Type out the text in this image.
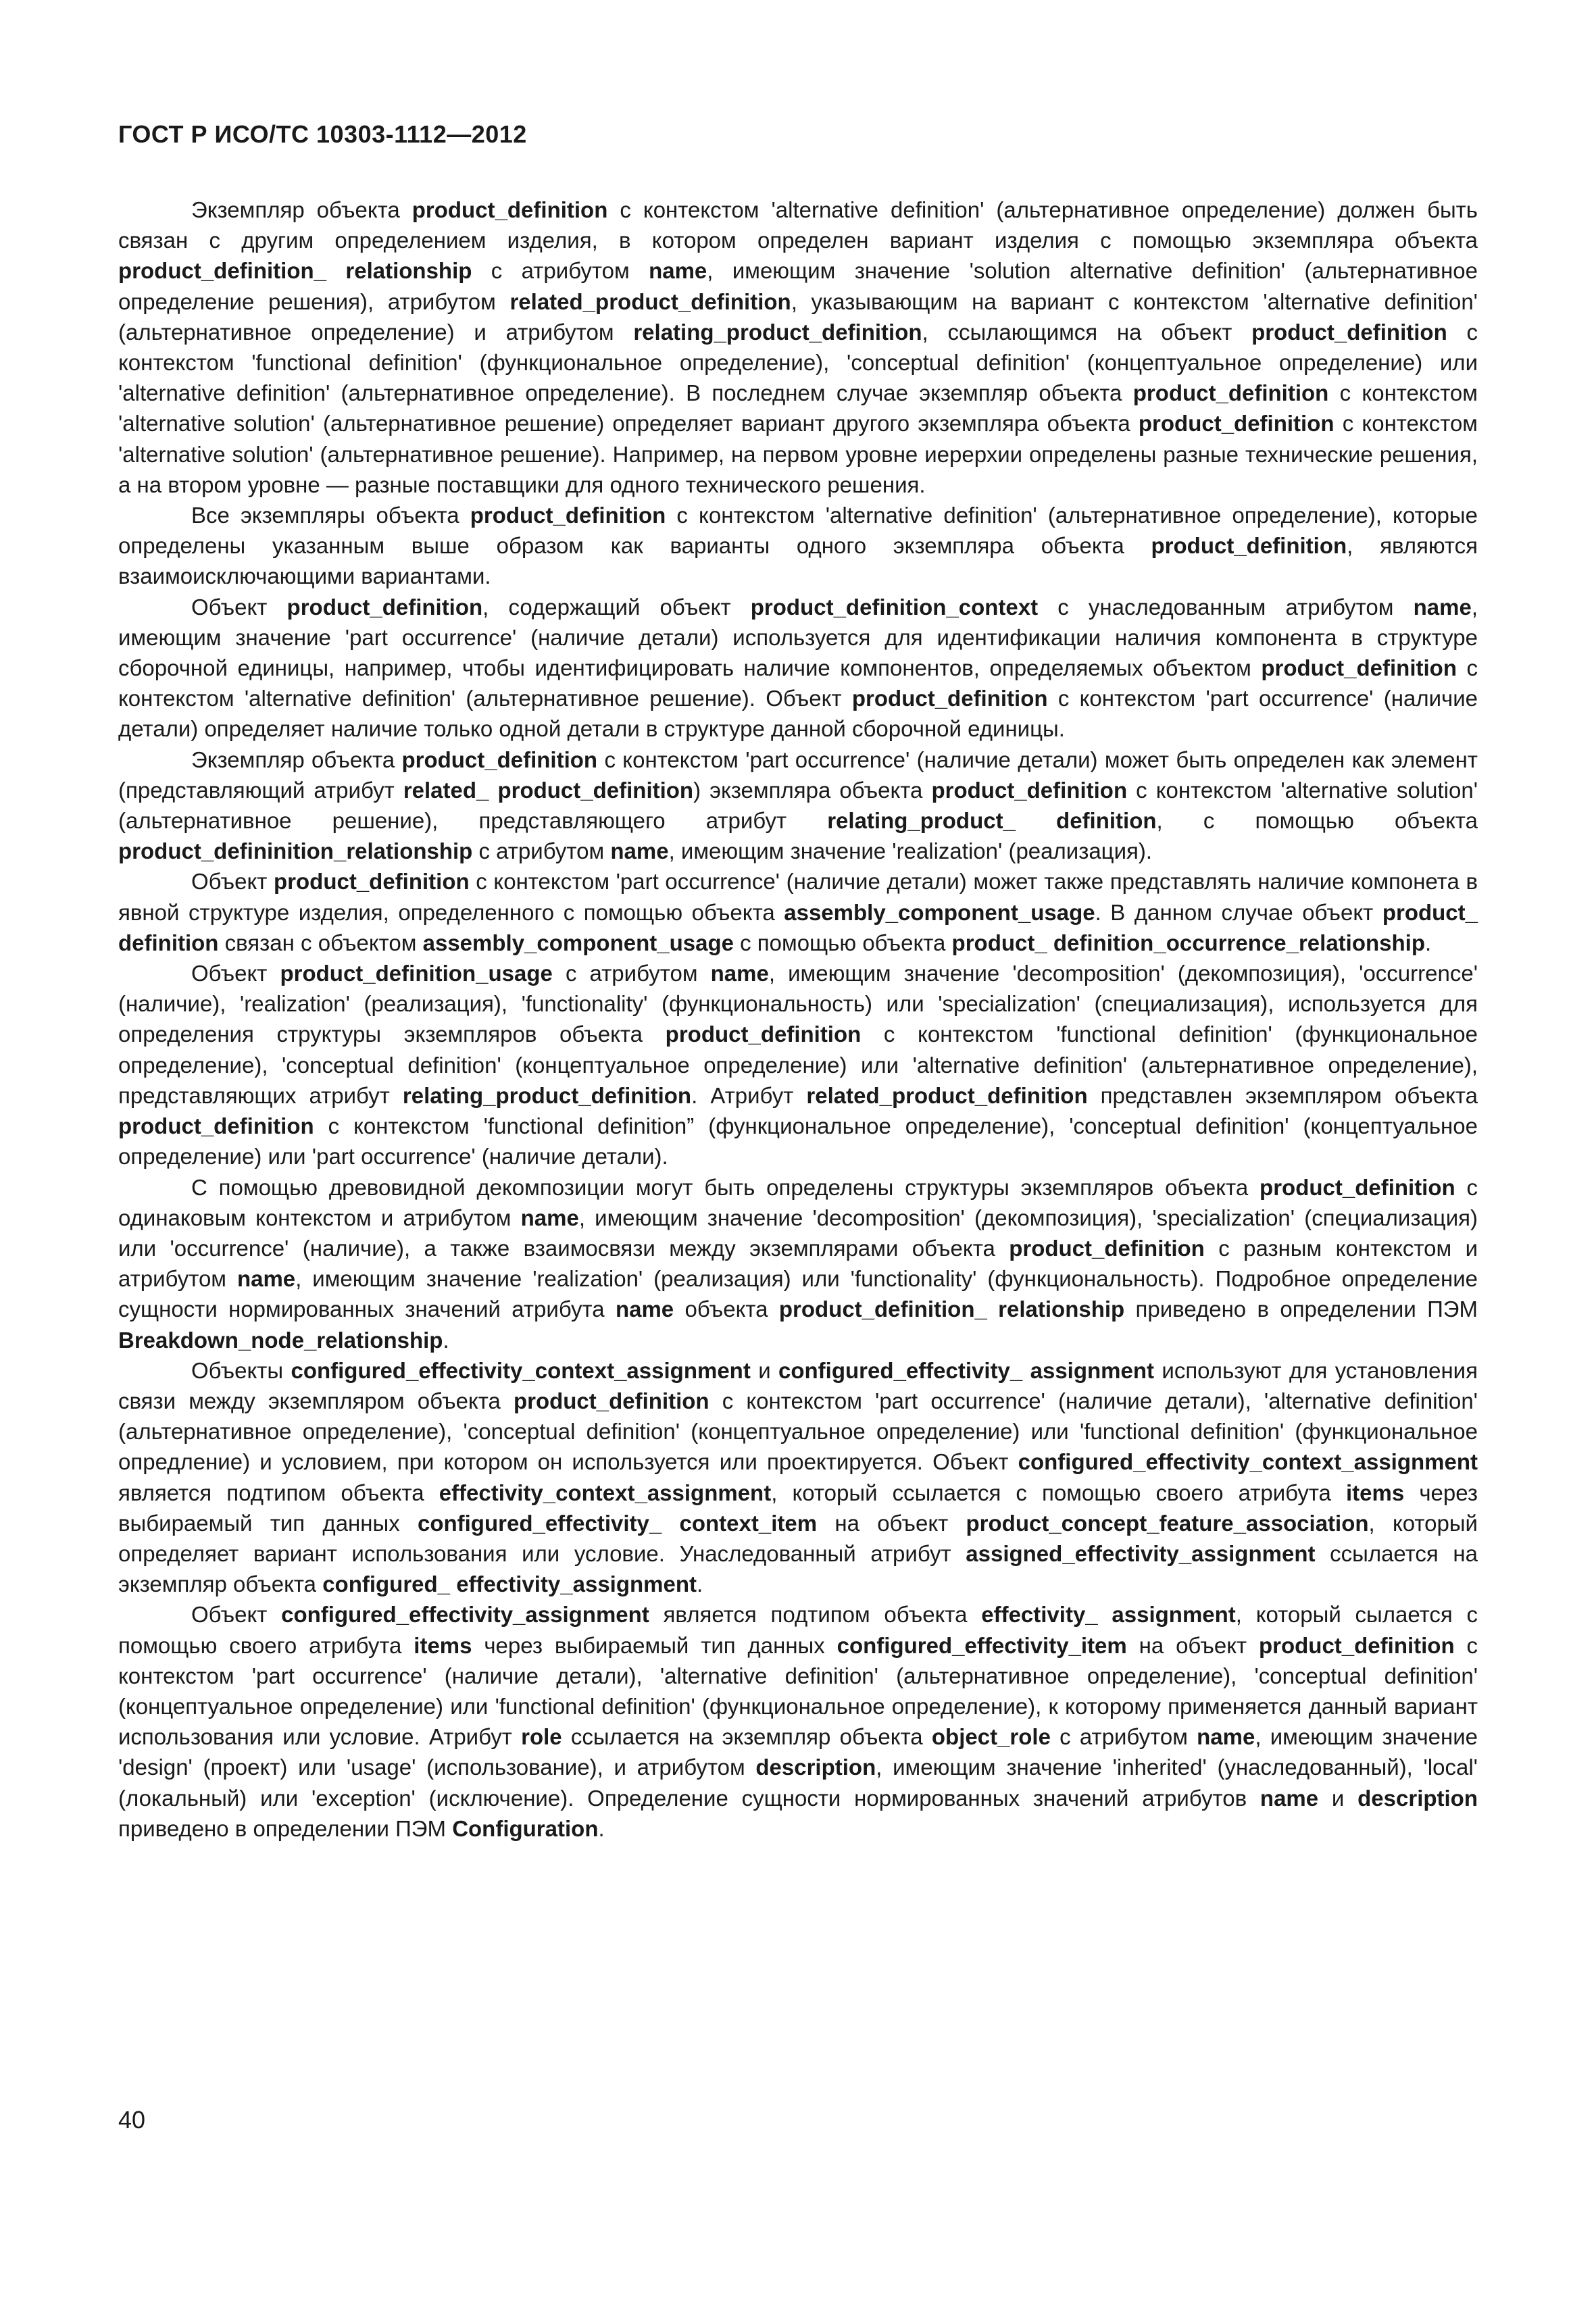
ГОСТ Р ИСО/ТС 10303-1112—2012

Экземпляр объекта product_definition с контекстом 'alternative definition' (альтернативное определение) должен быть связан с другим определением изделия, в котором определен вариант изделия с помощью экземпляра объекта product_definition_ relationship с атрибутом name, имеющим значение 'solution alternative definition' (альтернативное определение решения), атрибутом related_product_definition, указывающим на вариант с контекстом 'alternative definition' (альтернативное определение) и атрибутом relating_product_definition, ссылающимся на объект product_definition с контекстом 'functional definition' (функциональное определение), 'conceptual definition' (концептуальное определение) или 'alternative definition' (альтернативное определение). В последнем случае экземпляр объекта product_definition с контекстом 'alternative solution' (альтернативное решение) определяет вариант другого экземпляра объекта product_definition с контекстом 'alternative solution' (альтернативное решение). Например, на первом уровне иерерхии определены разные технические решения, а на втором уровне — разные поставщики для одного технического решения.

Все экземпляры объекта product_definition с контекстом 'alternative definition' (альтернативное определение), которые определены указанным выше образом как варианты одного экземпляра объекта product_definition, являются взаимоисключающими вариантами.

Объект product_definition, содержащий объект product_definition_context с унаследованным атрибутом name, имеющим значение 'part occurrence' (наличие детали) используется для идентификации наличия компонента в структуре сборочной единицы, например, чтобы идентифицировать наличие компонентов, определяемых объектом product_definition с контекстом 'alternative definition' (альтернативное решение). Объект product_definition с контекстом 'part occurrence' (наличие детали) определяет наличие только одной детали в структуре данной сборочной единицы.

Экземпляр объекта product_definition с контекстом 'part occurrence' (наличие детали) может быть определен как элемент (представляющий атрибут related_ product_definition) экземпляра объекта product_definition с контекстом 'alternative solution' (альтернативное решение), представляющего атрибут relating_product_ definition, с помощью объекта product_defininition_relationship с атрибутом name, имеющим значение 'realization' (реализация).

Объект product_definition с контекстом 'part occurrence' (наличие детали) может также представлять наличие компонета в явной структуре изделия, определенного с помощью объекта assembly_component_usage. В данном случае объект product_ definition связан с объектом assembly_component_usage с помощью объекта product_ definition_occurrence_relationship.

Объект product_definition_usage с атрибутом name, имеющим значение 'decomposition' (декомпозиция), 'occurrence' (наличие), 'realization' (реализация), 'functionality' (функциональность) или 'specialization' (специализация), используется для определения структуры экземпляров объекта product_definition с контекстом 'functional definition' (функциональное определение), 'conceptual definition' (концептуальное определение) или 'alternative definition' (альтернативное определение), представляющих атрибут relating_product_definition. Атрибут related_product_definition представлен экземпляром объекта product_definition с контекстом 'functional definition” (функциональное определение), 'conceptual definition' (концептуальное определение) или 'part occurrence' (наличие детали).

С помощью древовидной декомпозиции могут быть определены структуры экземпляров объекта product_definition с одинаковым контекстом и атрибутом name, имеющим значение 'decomposition' (декомпозиция), 'specialization' (специализация) или 'occurrence' (наличие), а также взаимосвязи между экземплярами объекта product_definition с разным контекстом и атрибутом name, имеющим значение 'realization' (реализация) или 'functionality' (функциональность). Подробное определение сущности нормированных значений атрибута name объекта product_definition_ relationship приведено в определении ПЭМ Breakdown_node_relationship.

Объекты configured_effectivity_context_assignment и configured_effectivity_ assignment используют для установления связи между экземпляром объекта product_definition с контекстом 'part occurrence' (наличие детали), 'alternative definition' (альтернативное определение), 'conceptual definition' (концептуальное определение) или 'functional definition' (функциональное опредление) и условием, при котором он используется или проектируется. Объект configured_effectivity_context_assignment является подтипом объекта effectivity_context_assignment, который ссылается с помощью своего атрибута items через выбираемый тип данных configured_effectivity_ context_item на объект product_concept_feature_association, который определяет вариант использования или условие. Унаследованный атрибут assigned_effectivity_assignment ссылается на экземпляр объекта configured_ effectivity_assignment.

Объект configured_effectivity_assignment является подтипом объекта effectivity_ assignment, который сылается с помощью своего атрибута items через выбираемый тип данных configured_effectivity_item на объект product_definition с контекстом 'part occurrence' (наличие детали), 'alternative definition' (альтернативное определение), 'conceptual definition' (концептуальное определение) или 'functional definition' (функциональное определение), к которому применяется данный вариант использования или условие. Атрибут role ссылается на экземпляр объекта object_role с атрибутом name, имеющим значение 'design' (проект) или 'usage' (использование), и атрибутом description, имеющим значение 'inherited' (унаследованный), 'local' (локальный) или 'exception' (исключение). Определение сущности нормированных значений атрибутов name и description приведено в определении ПЭМ Configuration.

40
